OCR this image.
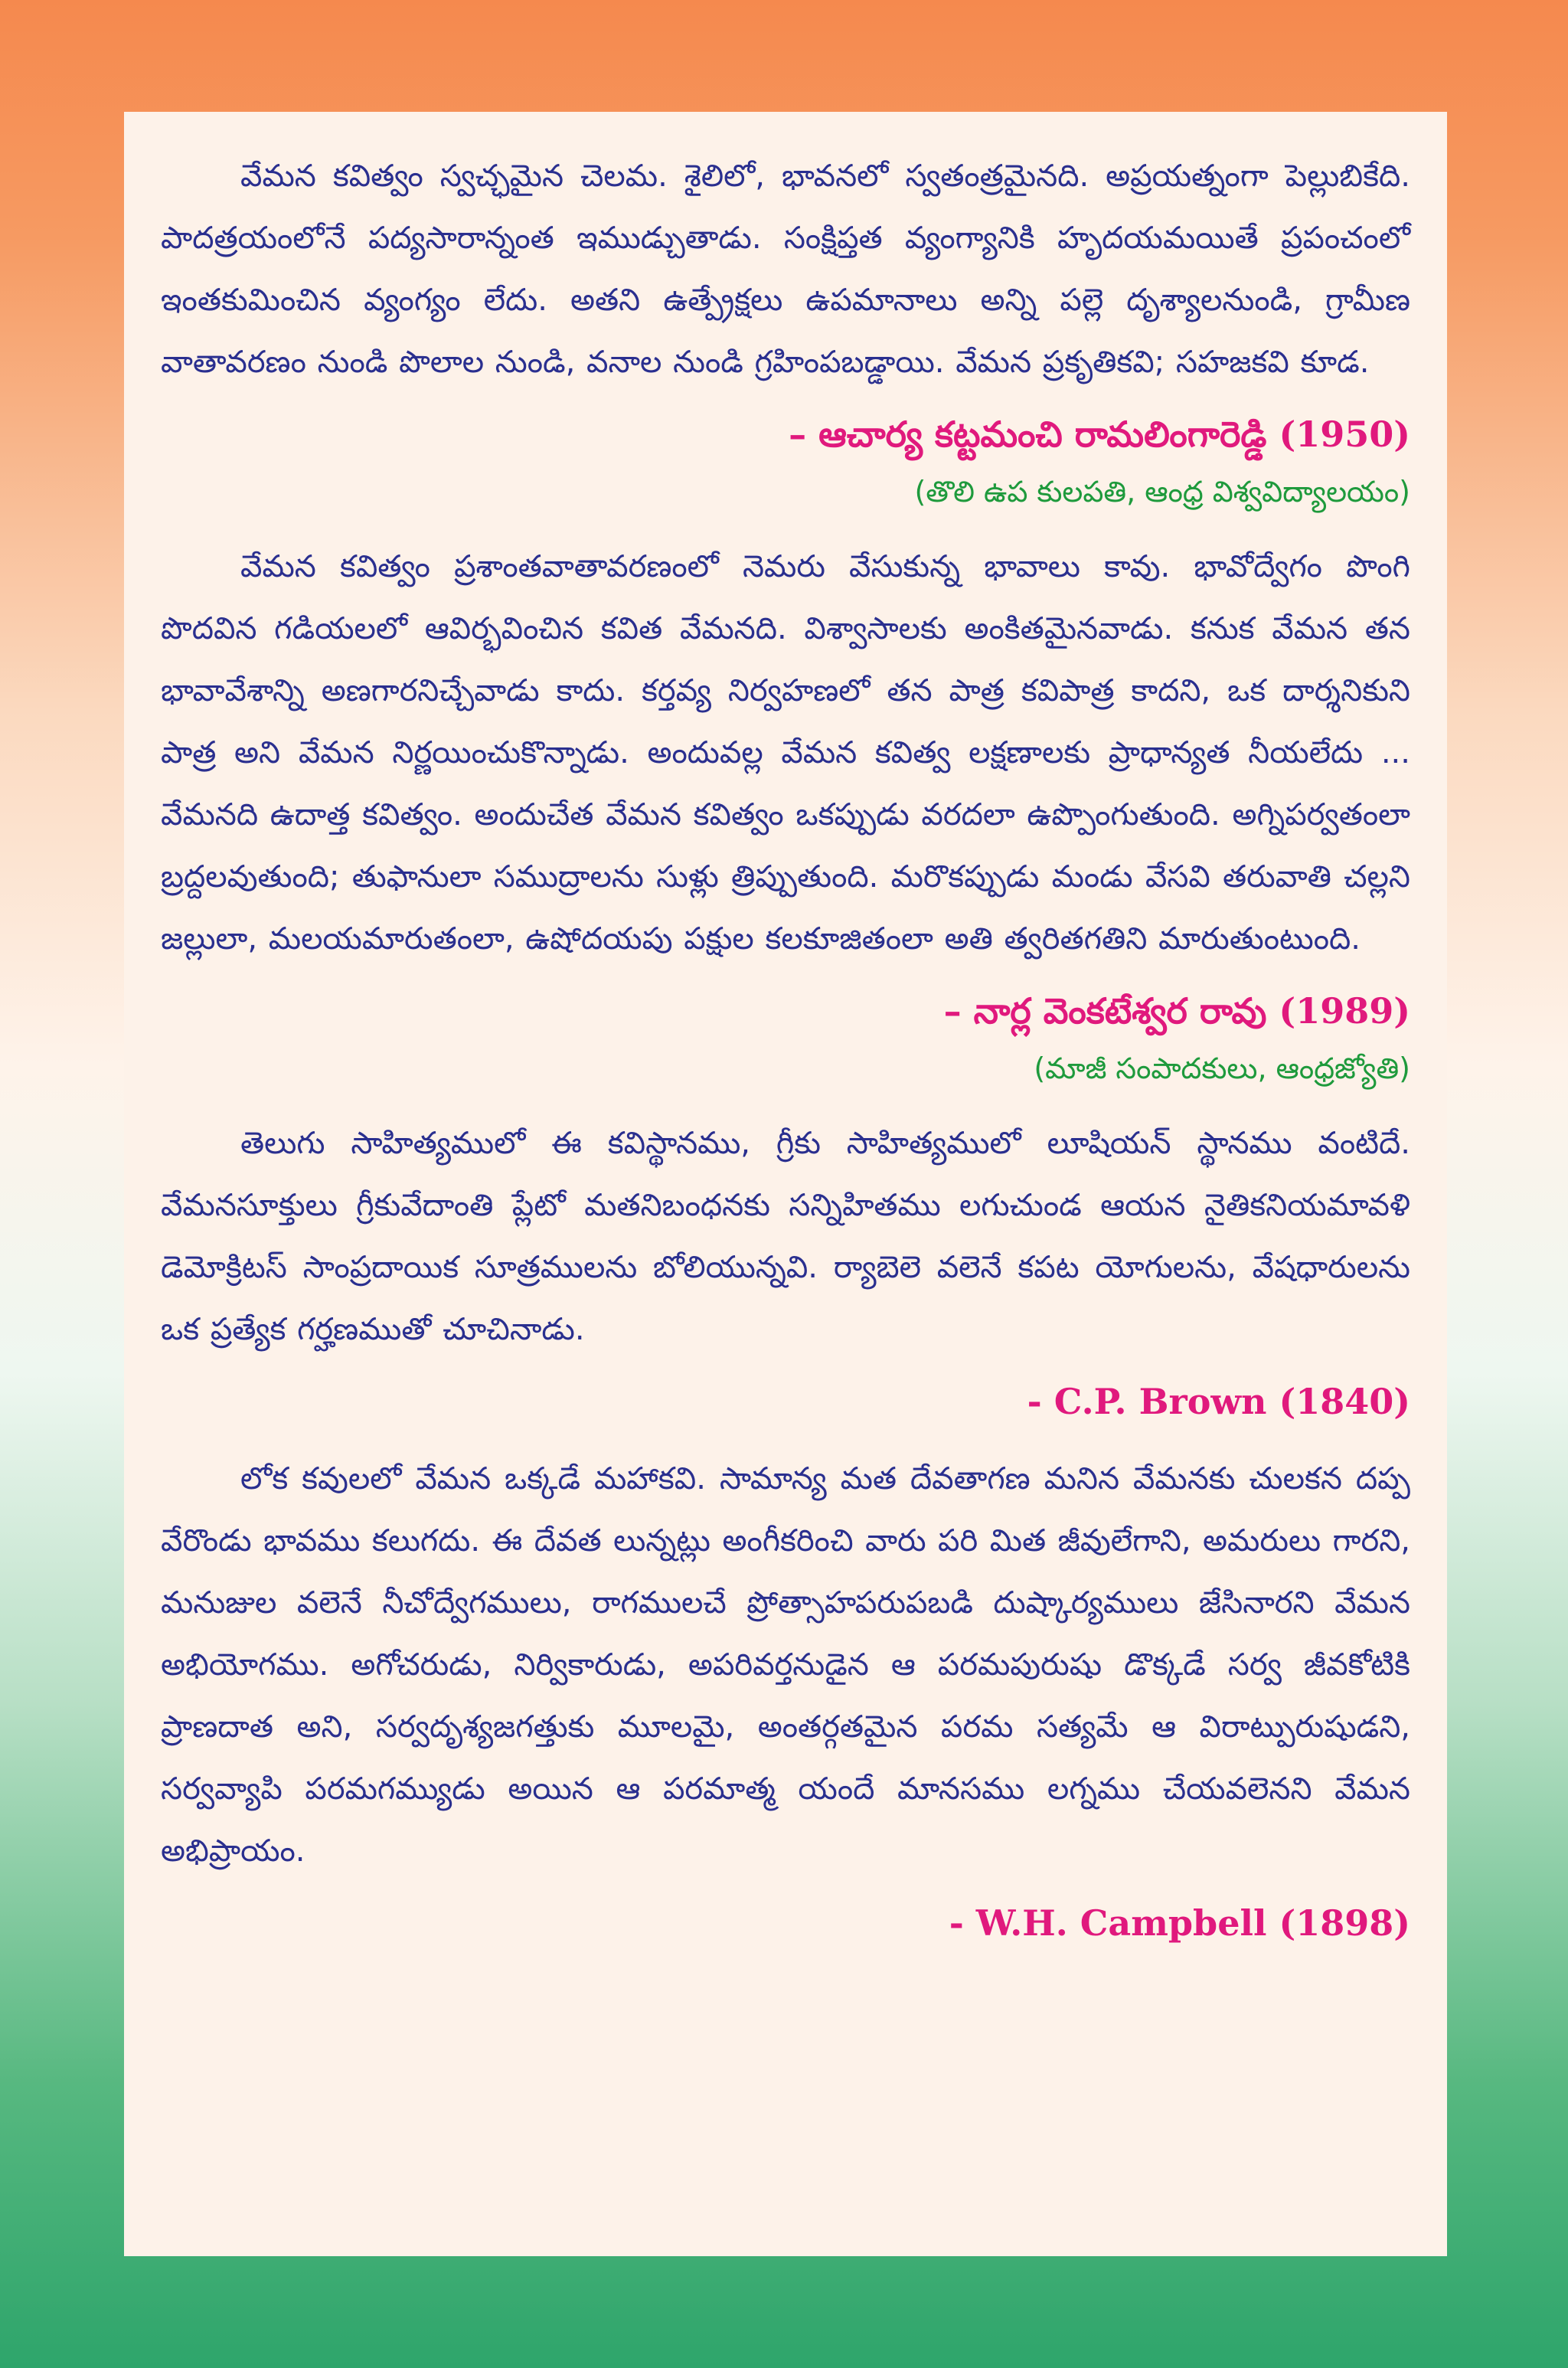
వేమన కవిత్వం స్వచ్ఛమైన చెలమ. శైలిలో, భావనలో స్వతంత్రమైనది. అప్రయత్నంగా పెల్లుబికేది. పాదత్రయంలోనే పద్యసారాన్నంత ఇముడ్చుతాడు. సంక్షిప్తత వ్యంగ్యానికి హృదయమయితే ప్రపంచంలో ఇంతకుమించిన వ్యంగ్యం లేదు. అతని ఉత్ప్రేక్షలు ఉపమానాలు అన్ని పల్లె దృశ్యాలనుండి, గ్రామీణ వాతావరణం నుండి పొలాల నుండి, వనాల నుండి గ్రహింపబడ్డాయి. వేమన ప్రకృతికవి; సహజకవి కూడ.

– ఆచార్య కట్టమంచి రామలింగారెడ్డి (1950)

(తొలి ఉప కులపతి, ఆంధ్ర విశ్వవిద్యాలయం)

వేమన కవిత్వం ప్రశాంతవాతావరణంలో నెమరు వేసుకున్న భావాలు కావు. భావోద్వేగం పొంగి పొదవిన గడియలలో ఆవిర్భవించిన కవిత వేమనది. విశ్వాసాలకు అంకితమైనవాడు. కనుక వేమన తన భావావేశాన్ని అణగారనిచ్చేవాడు కాదు. కర్తవ్య నిర్వహణలో తన పాత్ర కవిపాత్ర కాదని, ఒక దార్శనికుని పాత్ర అని వేమన నిర్ణయించుకొన్నాడు. అందువల్ల వేమన కవిత్వ లక్షణాలకు ప్రాధాన్యత నీయలేదు ... వేమనది ఉదాత్త కవిత్వం. అందుచేత వేమన కవిత్వం ఒకప్పుడు వరదలా ఉప్పొంగుతుంది. అగ్నిపర్వతంలా బ్రద్దలవుతుంది; తుఫానులా సముద్రాలను సుళ్లు త్రిప్పుతుంది. మరొకప్పుడు మండు వేసవి తరువాతి చల్లని జల్లులా, మలయమారుతంలా, ఉషోదయపు పక్షుల కలకూజితంలా అతి త్వరితగతిని మారుతుంటుంది.

– నార్ల వెంకటేశ్వర రావు (1989)

(మాజీ సంపాదకులు, ఆంధ్రజ్యోతి)

తెలుగు సాహిత్యములో ఈ కవిస్థానము, గ్రీకు సాహిత్యములో లూషియన్ స్థానము వంటిదే. వేమనసూక్తులు గ్రీకువేదాంతి ప్లేటో మతనిబంధనకు సన్నిహితము లగుచుండ ఆయన నైతికనియమావళి డెమోక్రిటస్ సాంప్రదాయిక సూత్రములను బోలియున్నవి. ర్యాబెలె వలెనే కపట యోగులను, వేషధారులను ఒక ప్రత్యేక గర్హణముతో చూచినాడు.

- C.P. Brown (1840)

లోక కవులలో వేమన ఒక్కడే మహాకవి. సామాన్య మత దేవతాగణ మనిన వేమనకు చులకన దప్ప వేరొండు భావము కలుగదు. ఈ దేవత లున్నట్లు అంగీకరించి వారు పరి మిత జీవులేగాని, అమరులు గారని, మనుజుల వలెనే నీచోద్వేగములు, రాగములచే ప్రోత్సాహపరుపబడి దుష్కార్యములు జేసినారని వేమన అభియోగము. అగోచరుడు, నిర్వికారుడు, అపరివర్తనుడైన ఆ పరమపురుషు డొక్కడే సర్వ జీవకోటికి ప్రాణదాత అని, సర్వదృశ్యజగత్తుకు మూలమై, అంతర్గతమైన పరమ సత్యమే ఆ విరాట్పురుషుడని, సర్వవ్యాపి పరమగమ్యుడు అయిన ఆ పరమాత్మ యందే మానసము లగ్నము చేయవలెనని వేమన అభిప్రాయం.

- W.H. Campbell (1898)
